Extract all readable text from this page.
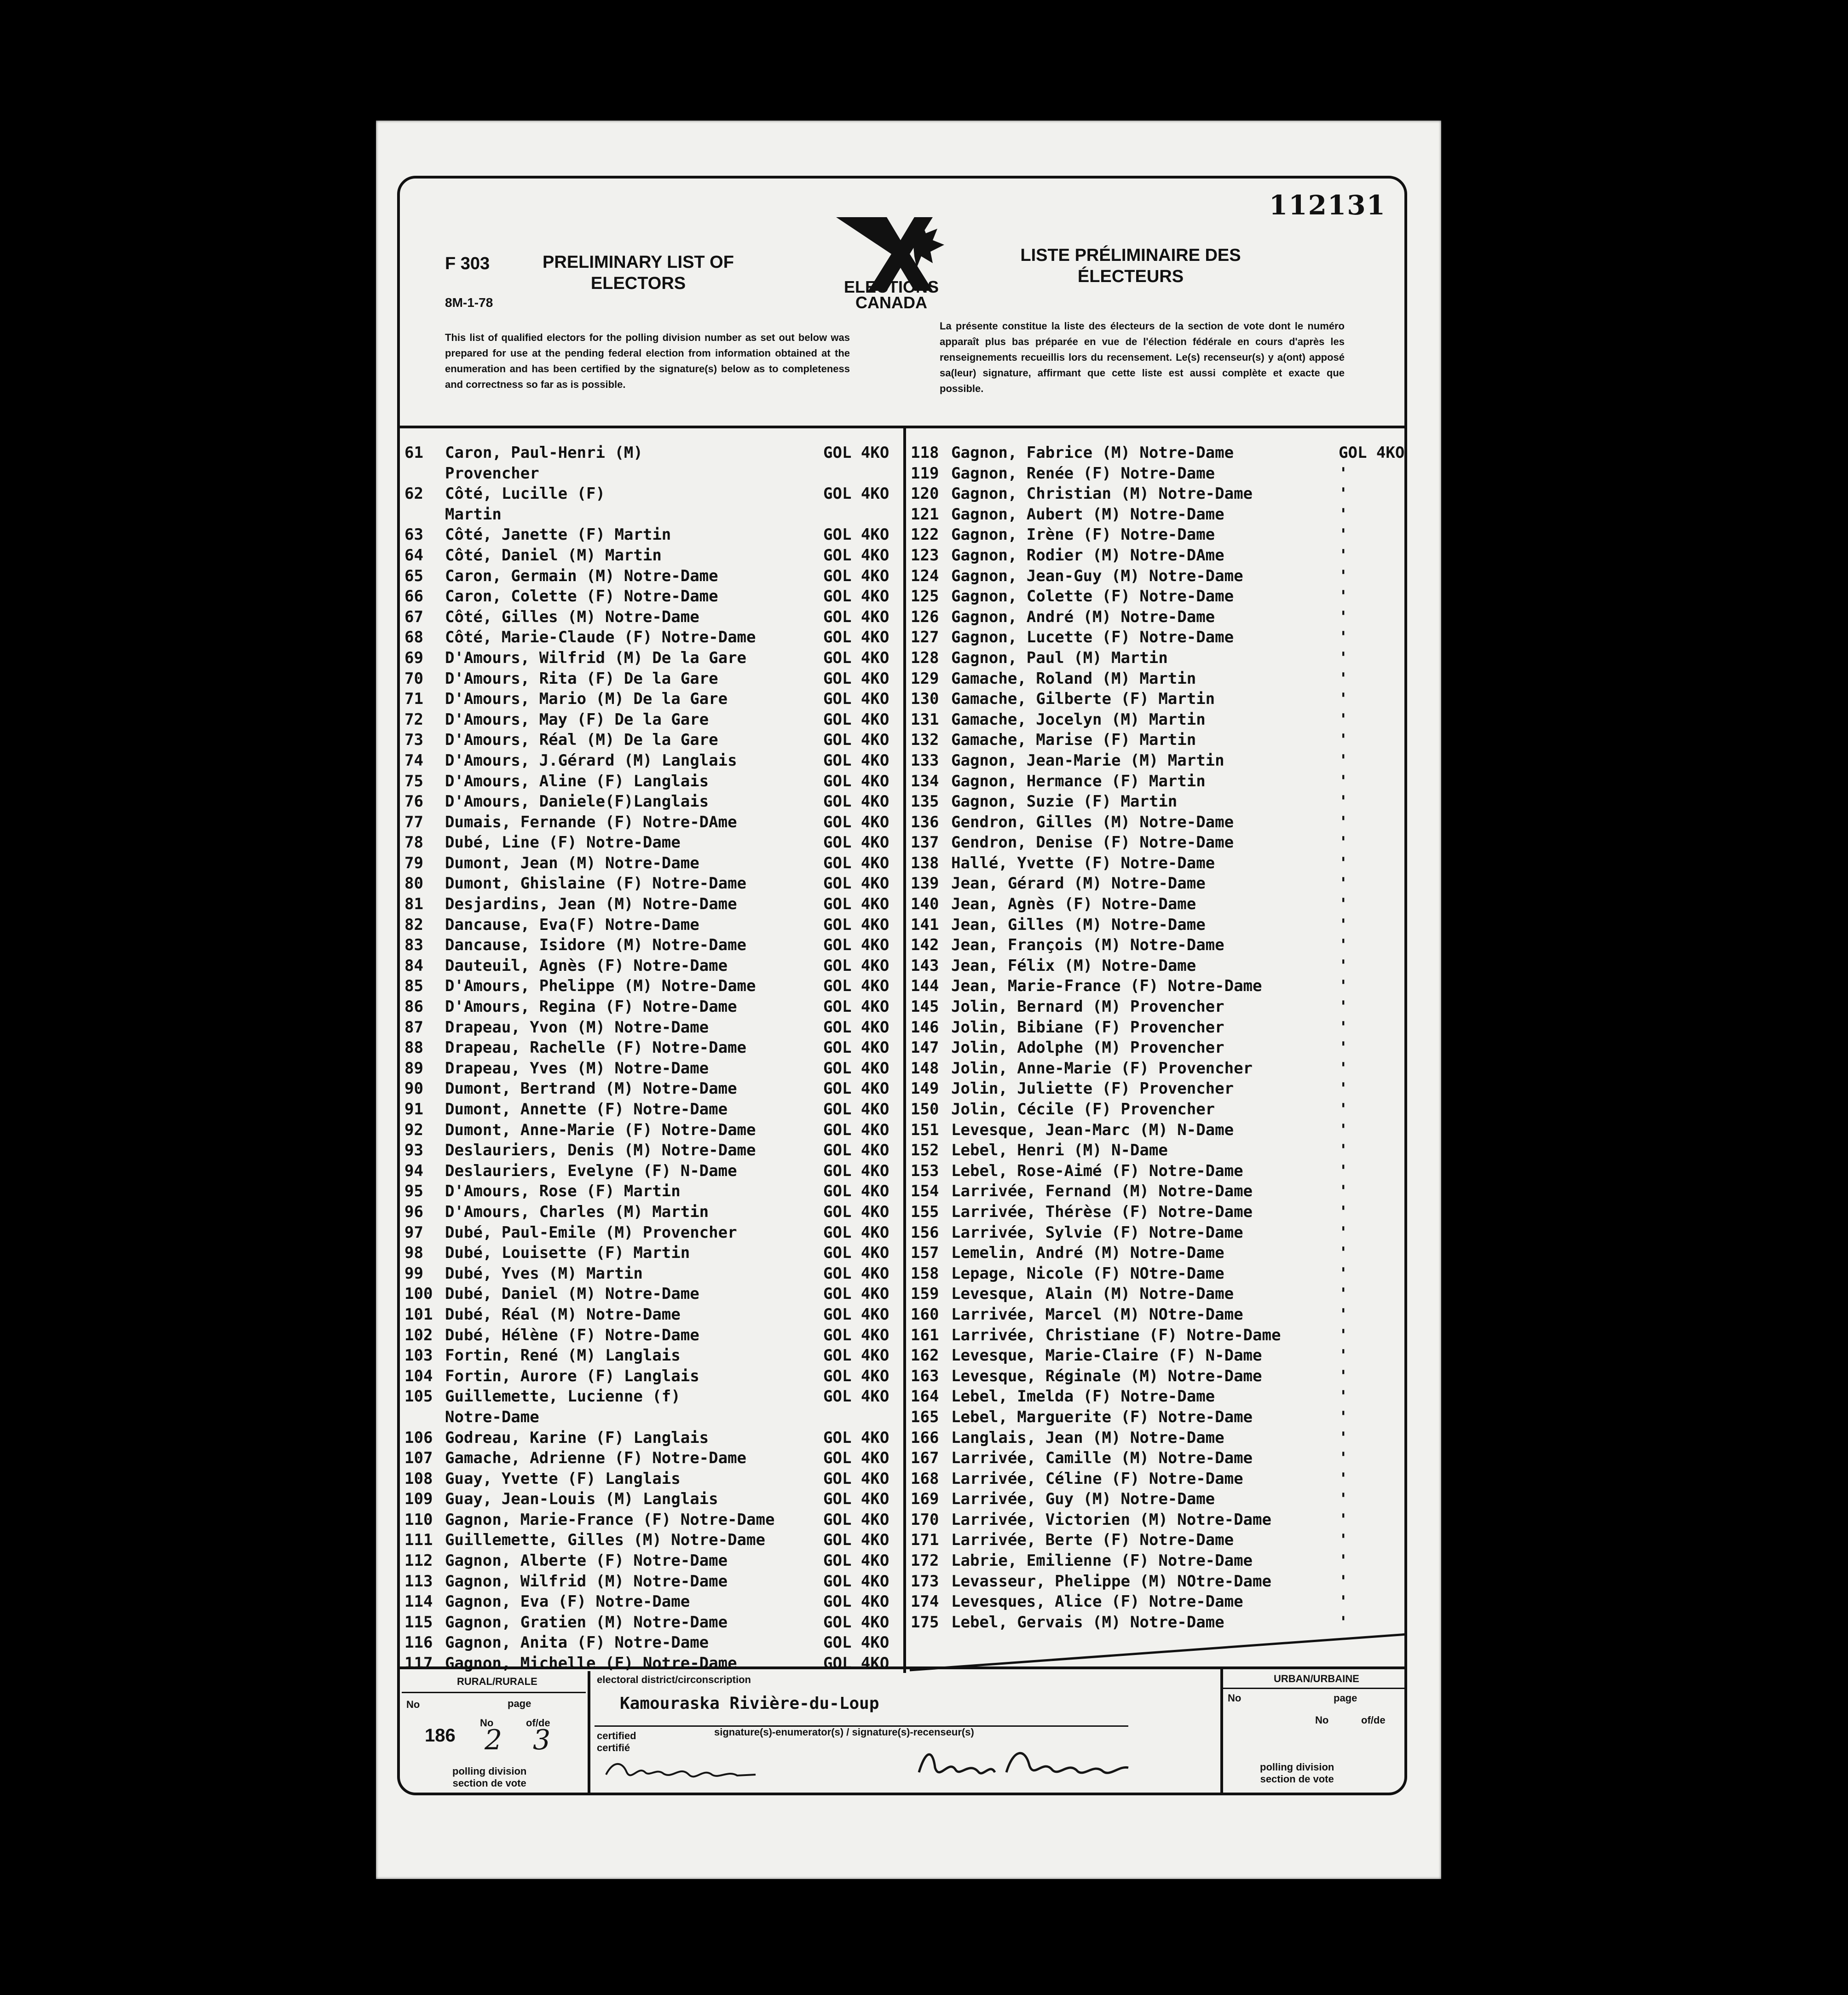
112131
F 303
8M-1-78
PRELIMINARY LIST OF ELECTORS
LISTE PRÉLIMINAIRE DES ÉLECTEURS
ELECTIONS CANADA
This list of qualified electors for the polling division number as set out below was prepared for use at the pending federal election from information obtained at the enumeration and has been certified by the signature(s) below as to completeness and correctness so far as is possible.
La présente constitue la liste des électeurs de la section de vote dont le numéro apparaît plus bas préparée en vue de l'élection fédérale en cours d'après les renseignements recueillis lors du recensement. Le(s) recenseur(s) y a(ont) apposé sa(leur) signature, affirmant que cette liste est aussi complète et exacte que possible.
61	Caron, Paul-Henri (M)	GOL 4KO
Provencher
62	Côté, Lucille (F)	GOL 4KO
Martin
63	Côté, Janette (F) Martin	GOL 4KO
64	Côté, Daniel (M) Martin	GOL 4KO
65	Caron, Germain (M) Notre-Dame	GOL 4KO
66	Caron, Colette (F) Notre-Dame	GOL 4KO
67	Côté, Gilles (M) Notre-Dame	GOL 4KO
68	Côté, Marie-Claude (F) Notre-Dame	GOL 4KO
69	D'Amours, Wilfrid (M) De la Gare	GOL 4KO
70	D'Amours, Rita (F) De la Gare	GOL 4KO
71	D'Amours, Mario (M) De la Gare	GOL 4KO
72	D'Amours, May (F) De la Gare	GOL 4KO
73	D'Amours, Réal (M) De la Gare	GOL 4KO
74	D'Amours, J.Gérard (M) Langlais	GOL 4KO
75	D'Amours, Aline (F) Langlais	GOL 4KO
76	D'Amours, Daniele(F)Langlais	GOL 4KO
77	Dumais, Fernande (F) Notre-DAme	GOL 4KO
78	Dubé, Line (F) Notre-Dame	GOL 4KO
79	Dumont, Jean (M) Notre-Dame	GOL 4KO
80	Dumont, Ghislaine (F) Notre-Dame	GOL 4KO
81	Desjardins, Jean (M) Notre-Dame	GOL 4KO
82	Dancause, Eva(F) Notre-Dame	GOL 4KO
83	Dancause, Isidore (M) Notre-Dame	GOL 4KO
84	Dauteuil, Agnès (F) Notre-Dame	GOL 4KO
85	D'Amours, Phelippe (M) Notre-Dame	GOL 4KO
86	D'Amours, Regina (F) Notre-Dame	GOL 4KO
87	Drapeau, Yvon (M) Notre-Dame	GOL 4KO
88	Drapeau, Rachelle (F) Notre-Dame	GOL 4KO
89	Drapeau, Yves (M) Notre-Dame	GOL 4KO
90	Dumont, Bertrand (M) Notre-Dame	GOL 4KO
91	Dumont, Annette (F) Notre-Dame	GOL 4KO
92	Dumont, Anne-Marie (F) Notre-Dame	GOL 4KO
93	Deslauriers, Denis (M) Notre-Dame	GOL 4KO
94	Deslauriers, Evelyne (F) N-Dame	GOL 4KO
95	D'Amours, Rose (F) Martin	GOL 4KO
96	D'Amours, Charles (M) Martin	GOL 4KO
97	Dubé, Paul-Emile (M) Provencher	GOL 4KO
98	Dubé, Louisette (F) Martin	GOL 4KO
99	Dubé, Yves (M) Martin	GOL 4KO
100 Dubé, Daniel (M) Notre-Dame	GOL 4KO
101 Dubé, Réal (M) Notre-Dame	GOL 4KO
102 Dubé, Hélène (F) Notre-Dame	GOL 4KO
103 Fortin, René (M) Langlais	GOL 4KO
104 Fortin, Aurore (F) Langlais	GOL 4KO
105 Guillemette, Lucienne (f)	GOL 4KO
Notre-Dame
106 Godreau, Karine (F) Langlais	GOL 4KO
107 Gamache, Adrienne (F) Notre-Dame	GOL 4KO
108 Guay, Yvette (F) Langlais	GOL 4KO
109 Guay, Jean-Louis (M) Langlais	GOL 4KO
110 Gagnon, Marie-France (F) Notre-Dame	GOL 4KO
111 Guillemette, Gilles (M) Notre-Dame	GOL 4KO
112 Gagnon, Alberte (F) Notre-Dame	GOL 4KO
113 Gagnon, Wilfrid (M) Notre-Dame	GOL 4KO
114 Gagnon, Eva (F) Notre-Dame	GOL 4KO
115 Gagnon, Gratien (M) Notre-Dame	GOL 4KO
116 Gagnon, Anita (F) Notre-Dame	GOL 4KO
117 Gagnon, Michelle (F) Notre-Dame	GOL 4KO
118 Gagnon, Fabrice (M) Notre-Dame	GOL 4KO
119 Gagnon, Renée (F) Notre-Dame	'
120 Gagnon, Christian (M) Notre-Dame	'
121 Gagnon, Aubert (M) Notre-Dame	'
122 Gagnon, Irène (F) Notre-Dame	'
123 Gagnon, Rodier (M) Notre-DAme	'
124 Gagnon, Jean-Guy (M) Notre-Dame	'
125 Gagnon, Colette (F) Notre-Dame	'
126 Gagnon, André (M) Notre-Dame	'
127 Gagnon, Lucette (F) Notre-Dame	'
128 Gagnon, Paul (M) Martin	'
129 Gamache, Roland (M) Martin	'
130 Gamache, Gilberte (F) Martin	'
131 Gamache, Jocelyn (M) Martin	'
132 Gamache, Marise (F) Martin	'
133 Gagnon, Jean-Marie (M) Martin	'
134 Gagnon, Hermance (F) Martin	'
135 Gagnon, Suzie (F) Martin	'
136 Gendron, Gilles (M) Notre-Dame	'
137 Gendron, Denise (F) Notre-Dame	'
138 Hallé, Yvette (F) Notre-Dame	'
139 Jean, Gérard (M) Notre-Dame	'
140 Jean, Agnès (F) Notre-Dame	'
141 Jean, Gilles (M) Notre-Dame	'
142 Jean, François (M) Notre-Dame	'
143 Jean, Félix (M) Notre-Dame	'
144 Jean, Marie-France (F) Notre-Dame	'
145 Jolin, Bernard (M) Provencher	'
146 Jolin, Bibiane (F) Provencher	'
147 Jolin, Adolphe (M) Provencher	'
148 Jolin, Anne-Marie (F) Provencher	'
149 Jolin, Juliette (F) Provencher	'
150 Jolin, Cécile (F) Provencher	'
151 Levesque, Jean-Marc (M) N-Dame	'
152 Lebel, Henri (M) N-Dame	'
153 Lebel, Rose-Aimé (F) Notre-Dame	'
154 Larrivée, Fernand (M) Notre-Dame	'
155 Larrivée, Thérèse (F) Notre-Dame	'
156 Larrivée, Sylvie (F) Notre-Dame	'
157 Lemelin, André (M) Notre-Dame	'
158 Lepage, Nicole (F) NOtre-Dame	'
159 Levesque, Alain (M) Notre-Dame	'
160 Larrivée, Marcel (M) NOtre-Dame	'
161 Larrivée, Christiane (F) Notre-Dame	'
162 Levesque, Marie-Claire (F) N-Dame	'
163 Levesque, Réginale (M) Notre-Dame	'
164 Lebel, Imelda (F) Notre-Dame	'
165 Lebel, Marguerite (F) Notre-Dame	'
166 Langlais, Jean (M) Notre-Dame	'
167 Larrivée, Camille (M) Notre-Dame	'
168 Larrivée, Céline (F) Notre-Dame	'
169 Larrivée, Guy (M) Notre-Dame	'
170 Larrivée, Victorien (M) Notre-Dame	'
171 Larrivée, Berte (F) Notre-Dame	'
172 Labrie, Emilienne (F) Notre-Dame	'
173 Levasseur, Phelippe (M) NOtre-Dame	'
174 Levesques, Alice (F) Notre-Dame	'
175 Lebel, Gervais (M) Notre-Dame	'
RURAL/RURALE
No	page
186
No
2
of/de
3
polling division
section de vote
electoral district/circonscription
Kamouraska Rivière-du-Loup
certified
certifié
signature(s)-enumerator(s) / signature(s)-recenseur(s)
URBAN/URBAINE
No	page
No	of/de
polling division
section de vote
